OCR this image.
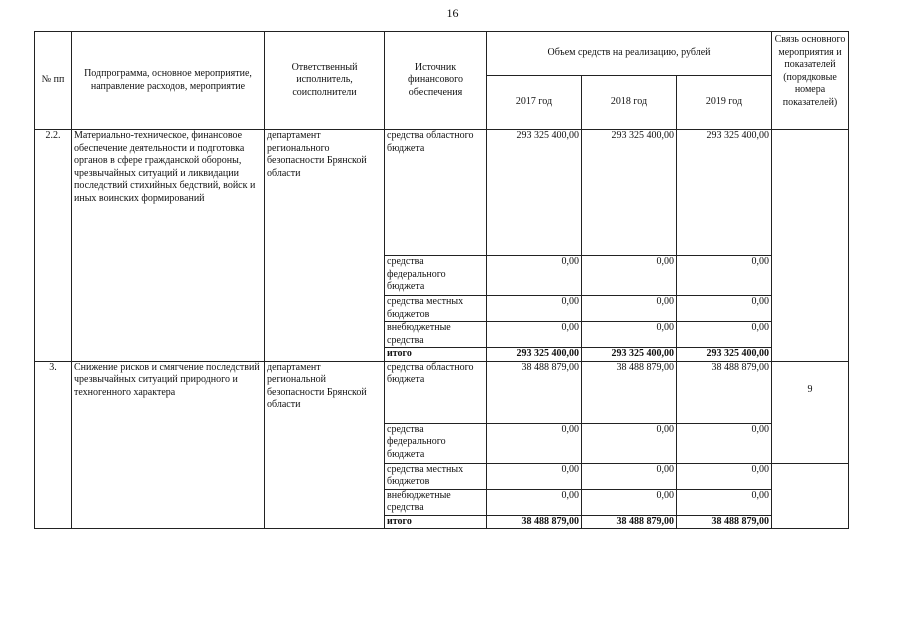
16
№ пп	Подпрограмма, основное мероприятие, направление расходов, мероприятие	Ответственный исполнитель, соисполнители	Источник финансового обеспечения	Объем средств на реализацию, рублей			Связь основного мероприятия и показателей (порядковые номера показателей)
				2017 год	2018 год	2019 год	
2.2.	Материально-техническое, финансовое обеспечение деятельности и подготовка органов в сфере гражданской обороны, чрезвычайных ситуаций и ликвидации последствий стихийных бедствий, войск и иных воинских формирований	департамент регионального безопасности Брянской области	средства областного бюджета	293 325 400,00	293 325 400,00	293 325 400,00	
			средства федерального бюджета	0,00	0,00	0,00	
			средства местных бюджетов	0,00	0,00	0,00	
			внебюджетные средства	0,00	0,00	0,00	
			итого	293 325 400,00	293 325 400,00	293 325 400,00	
3.	Снижение рисков и смягчение последствий чрезвычайных ситуаций природного и техногенного характера	департамент региональной безопасности Брянской области	средства областного бюджета	38 488 879,00	38 488 879,00	38 488 879,00	9
			средства федерального бюджета	0,00	0,00	0,00	
			средства местных бюджетов	0,00	0,00	0,00	
			внебюджетные средства	0,00	0,00	0,00	
			итого	38 488 879,00	38 488 879,00	38 488 879,00	
